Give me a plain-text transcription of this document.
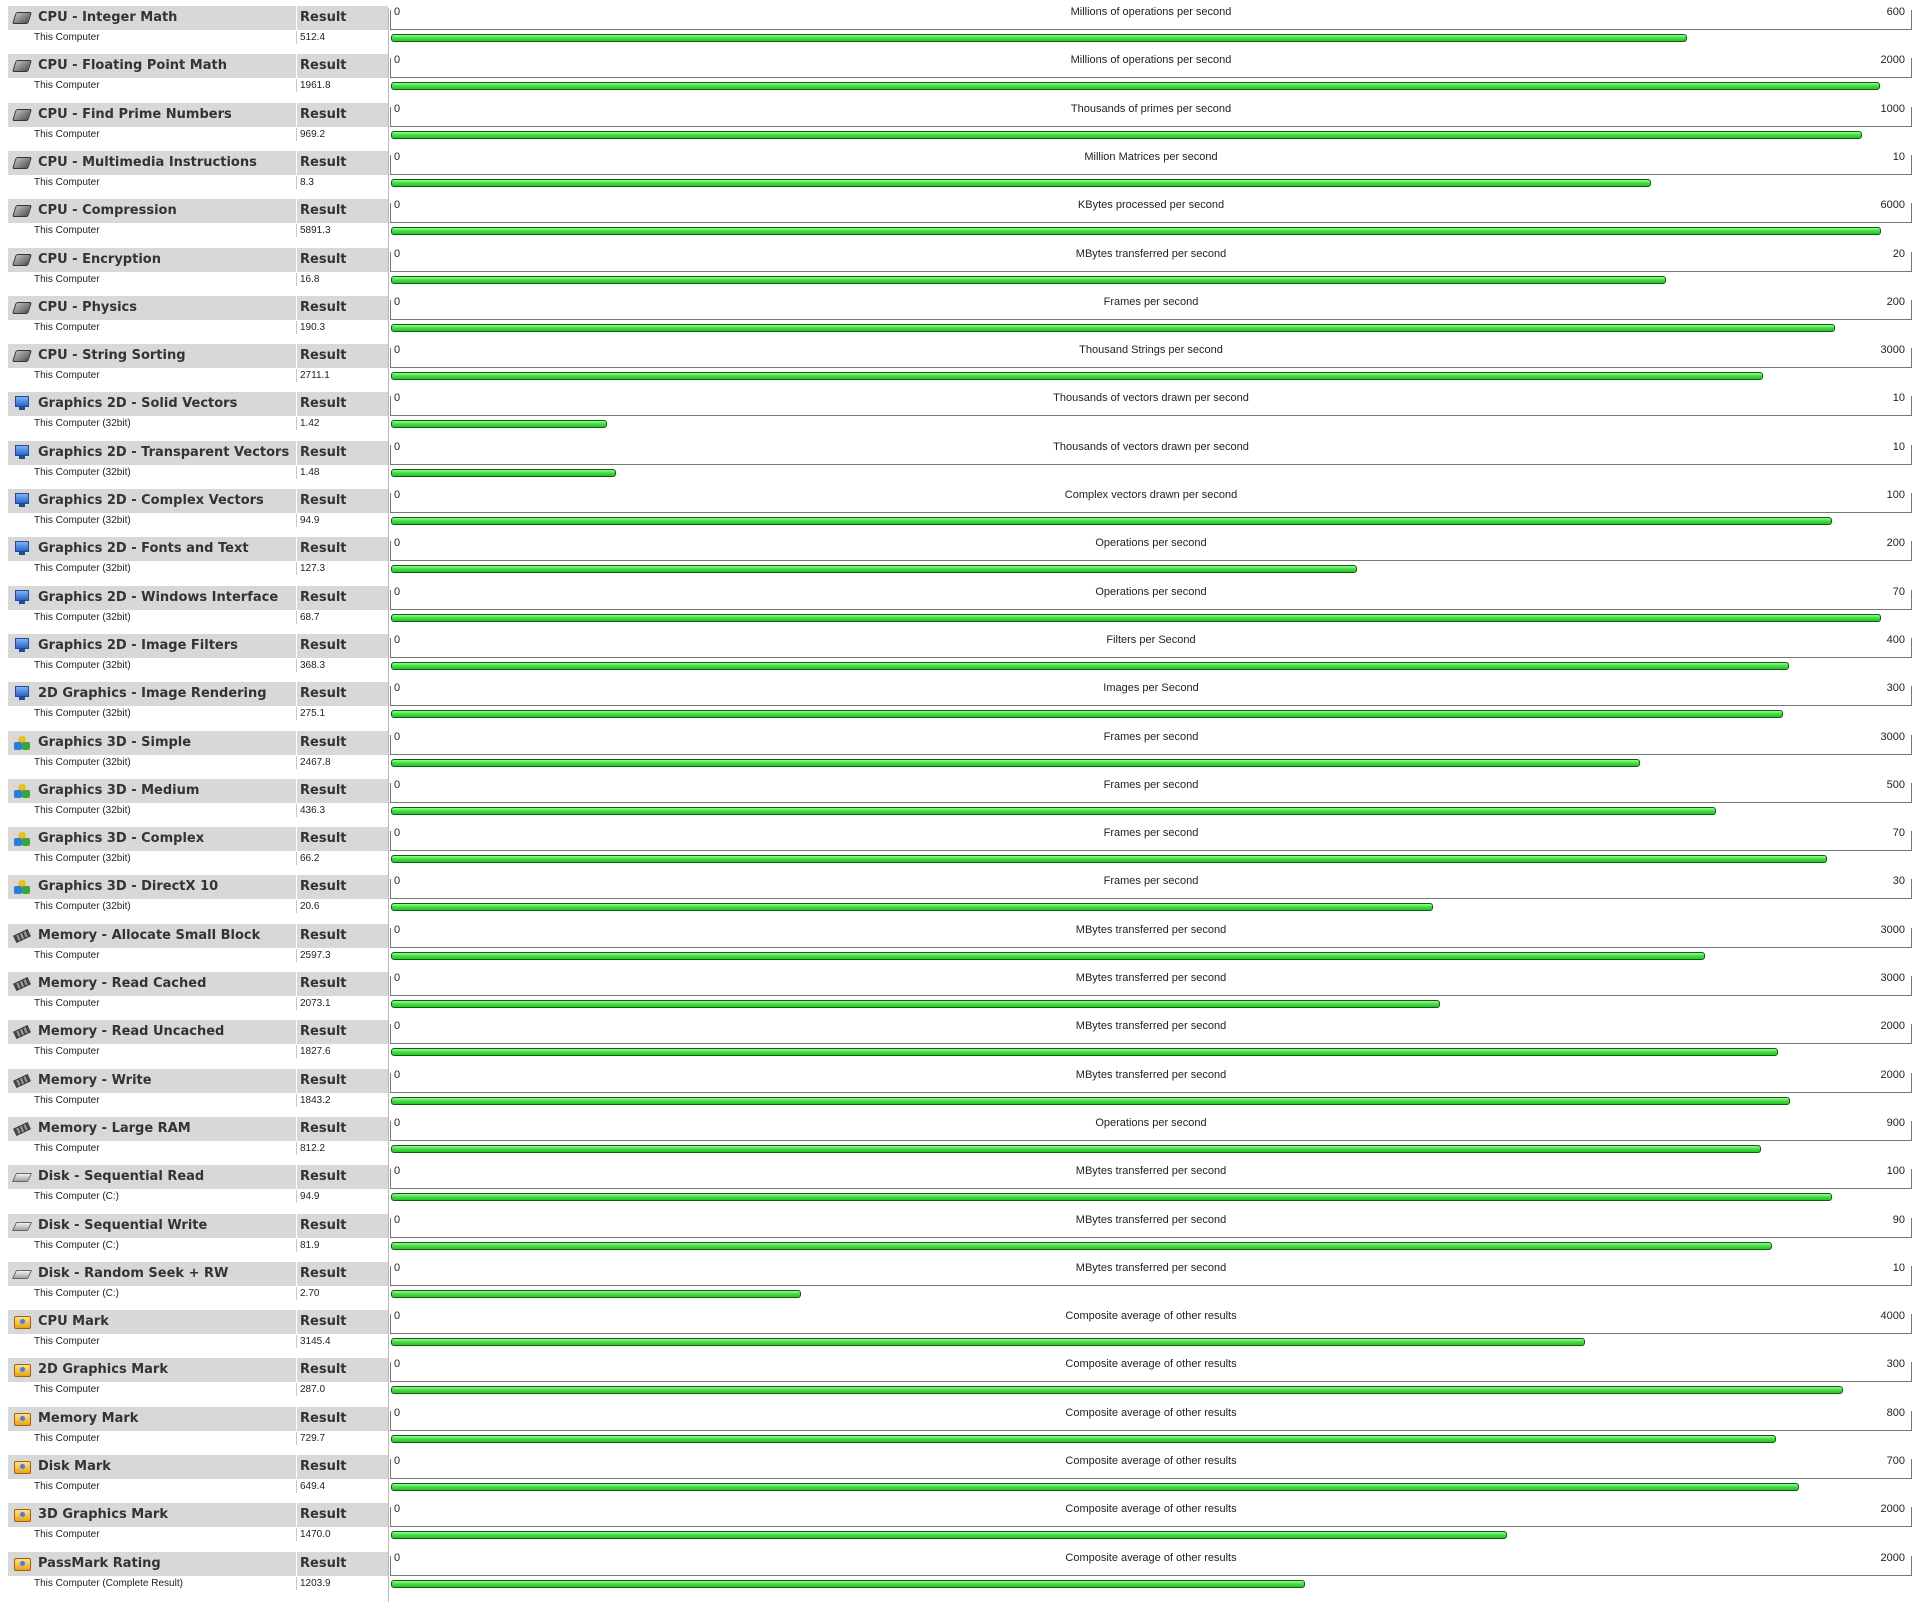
CPU - Integer Math	Result
This Computer	512.4
0	Millions of operations per second	600
CPU - Floating Point Math	Result
This Computer	1961.8
0	Millions of operations per second	2000
CPU - Find Prime Numbers	Result
This Computer	969.2
0	Thousands of primes per second	1000
CPU - Multimedia Instructions	Result
This Computer	8.3
0	Million Matrices per second	10
CPU - Compression	Result
This Computer	5891.3
0	KBytes processed per second	6000
CPU - Encryption	Result
This Computer	16.8
0	MBytes transferred per second	20
CPU - Physics	Result
This Computer	190.3
0	Frames per second	200
CPU - String Sorting	Result
This Computer	2711.1
0	Thousand Strings per second	3000
Graphics 2D - Solid Vectors	Result
This Computer (32bit)	1.42
0	Thousands of vectors drawn per second	10
Graphics 2D - Transparent Vectors Result
This Computer (32bit)	1.48
0	Thousands of vectors drawn per second	10
Graphics 2D - Complex Vectors	Result
This Computer (32bit)	94.9
0	Complex vectors drawn per second	100
Graphics 2D - Fonts and Text	Result
This Computer (32bit)	127.3
0	Operations per second	200
Graphics 2D - Windows Interface Result
This Computer (32bit)	68.7
0	Operations per second	70
Graphics 2D - Image Filters	Result
This Computer (32bit)	368.3
0	Filters per Second	400
2D Graphics - Image Rendering	Result
This Computer (32bit)	275.1
0	Images per Second	300
Graphics 3D - Simple	Result
This Computer (32bit)	2467.8
0	Frames per second	3000
Graphics 3D - Medium	Result
This Computer (32bit)	436.3
0	Frames per second	500
Graphics 3D - Complex	Result
This Computer (32bit)	66.2
0	Frames per second	70
Graphics 3D - DirectX 10	Result
This Computer (32bit)	20.6
0	Frames per second	30
Memory - Allocate Small Block	Result
This Computer	2597.3
0	MBytes transferred per second	3000
Memory - Read Cached	Result
This Computer	2073.1
0	MBytes transferred per second	3000
Memory - Read Uncached	Result
This Computer	1827.6
0	MBytes transferred per second	2000
Memory - Write	Result
This Computer	1843.2
0	MBytes transferred per second	2000
Memory - Large RAM	Result
This Computer	812.2
0	Operations per second	900
Disk - Sequential Read	Result
This Computer (C:)	94.9
0	MBytes transferred per second	100
Disk - Sequential Write	Result
This Computer (C:)	81.9
0	MBytes transferred per second	90
Disk - Random Seek + RW	Result
This Computer (C:)	2.70
0	MBytes transferred per second	10
CPU Mark	Result
This Computer	3145.4
0	Composite average of other results	4000
2D Graphics Mark	Result
This Computer	287.0
0	Composite average of other results	300
Memory Mark	Result
This Computer	729.7
0	Composite average of other results	800
Disk Mark	Result
This Computer	649.4
0	Composite average of other results	700
3D Graphics Mark	Result
This Computer	1470.0
0	Composite average of other results	2000
PassMark Rating	Result
This Computer (Complete Result)	1203.9
0	Composite average of other results	2000
